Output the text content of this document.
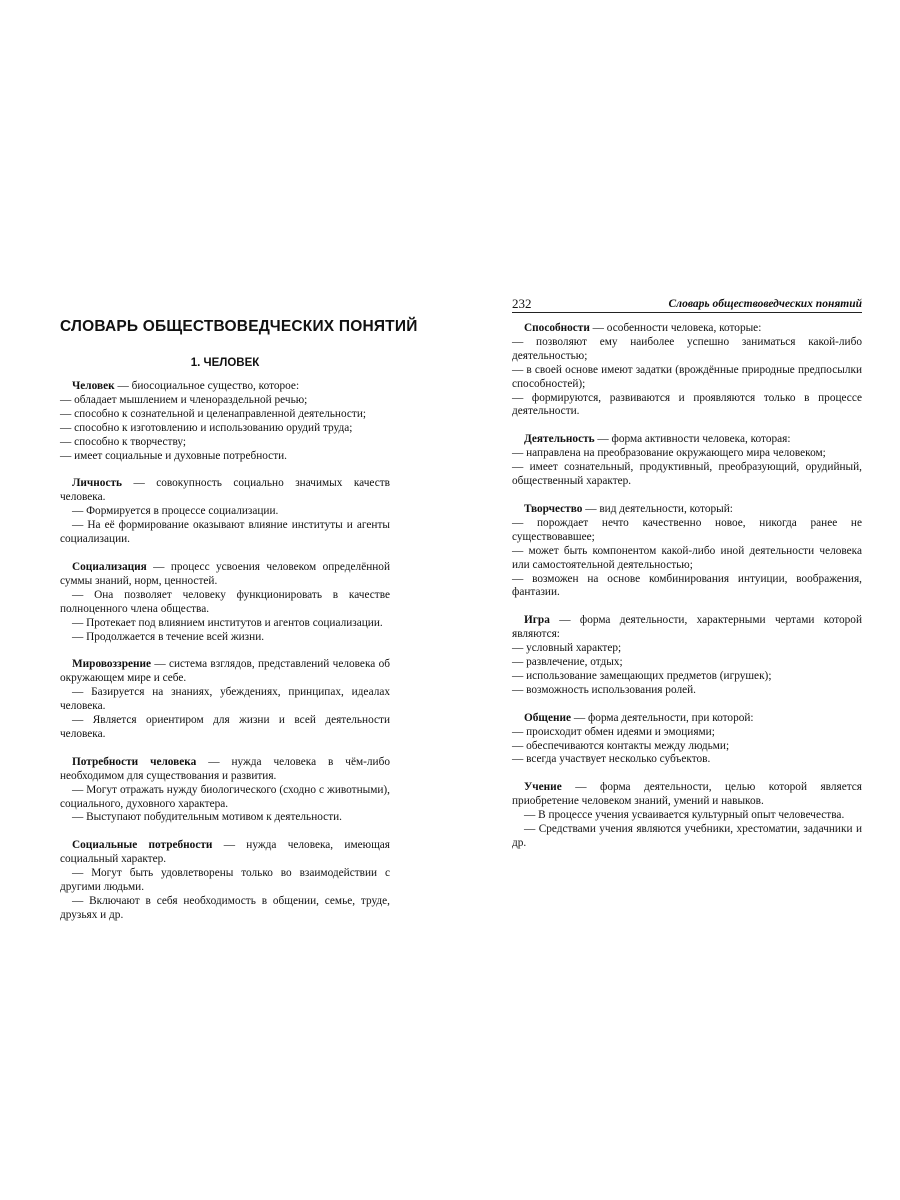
СЛОВАРЬ ОБЩЕСТВОВЕДЧЕСКИХ ПОНЯТИЙ
1. ЧЕЛОВЕК

Человек — биосоциальное существо, которое:

— обладает мышлением и членораздельной речью;

— способно к сознательной и целенаправленной деятельности;

— способно к изготовлению и использованию орудий труда;

— способно к творчеству;

— имеет социальные и духовные потребности.

Личность — совокупность социально значимых качеств человека.

— Формируется в процессе социализации.

— На её формирование оказывают влияние институты и агенты социализации.

Социализация — процесс усвоения человеком определённой суммы знаний, норм, ценностей.

— Она позволяет человеку функционировать в качестве полноценного члена общества.

— Протекает под влиянием институтов и агентов социализации.

— Продолжается в течение всей жизни.

Мировоззрение — система взглядов, представлений человека об окружающем мире и себе.

— Базируется на знаниях, убеждениях, принципах, идеалах человека.

— Является ориентиром для жизни и всей деятельности человека.

Потребности человека — нужда человека в чём-либо необходимом для существования и развития.

— Могут отражать нужду биологического (сходно с животными), социального, духовного характера.

— Выступают побудительным мотивом к деятельности.

Социальные потребности — нужда человека, имеющая социальный характер.

— Могут быть удовлетворены только во взаимодействии с другими людьми.

— Включают в себя необходимость в общении, семье, труде, друзьях и др.

232	Словарь обществоведческих понятий

Способности — особенности человека, которые:

— позволяют ему наиболее успешно заниматься какой-либо деятельностью;

— в своей основе имеют задатки (врождённые природные предпосылки способностей);

— формируются, развиваются и проявляются только в процессе деятельности.

Деятельность — форма активности человека, которая:

— направлена на преобразование окружающего мира человеком;

— имеет сознательный, продуктивный, преобразующий, орудийный, общественный характер.

Творчество — вид деятельности, который:

— порождает нечто качественно новое, никогда ранее не существовавшее;

— может быть компонентом какой-либо иной деятельности человека или самостоятельной деятельностью;

— возможен на основе комбинирования интуиции, воображения, фантазии.

Игра — форма деятельности, характерными чертами которой являются:

— условный характер;

— развлечение, отдых;

— использование замещающих предметов (игрушек);

— возможность использования ролей.

Общение — форма деятельности, при которой:

— происходит обмен идеями и эмоциями;

— обеспечиваются контакты между людьми;

— всегда участвует несколько субъектов.

Учение — форма деятельности, целью которой является приобретение человеком знаний, умений и навыков.

— В процессе учения усваивается культурный опыт человечества.

— Средствами учения являются учебники, хрестоматии, задачники и др.
